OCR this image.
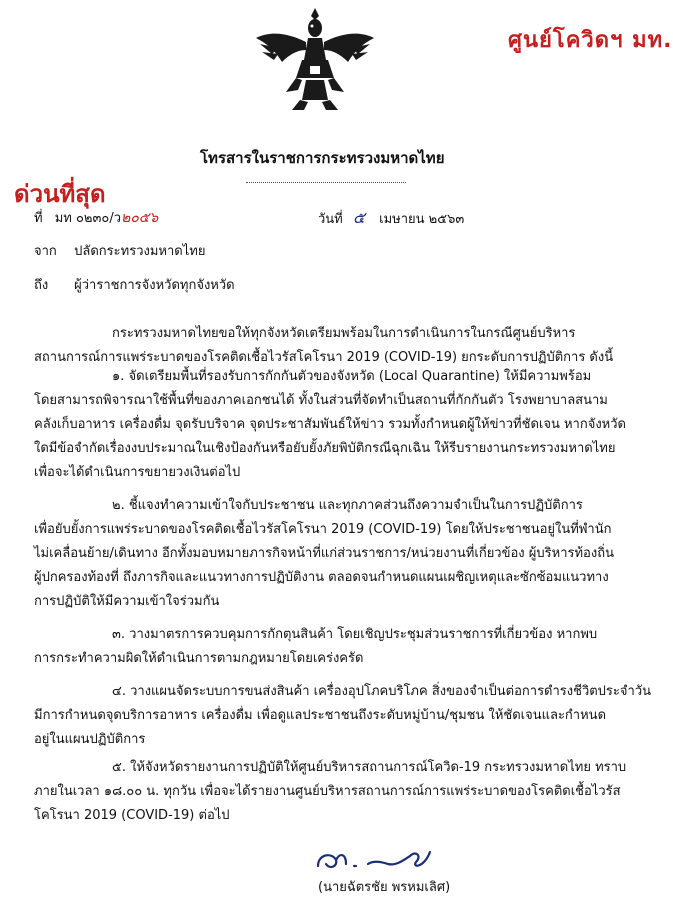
ศูนย์โควิดฯ มท.
โทรสารในราชการกระทรวงมหาดไทย
ด่วนที่สุด
ที่ มท ๐๒๓๐/ว๒๐๕๖	วันที่ ๕ เมษายน ๒๕๖๓
จาก ปลัดกระทรวงมหาดไทย
ถึง ผู้ว่าราชการจังหวัดทุกจังหวัด
กระทรวงมหาดไทยขอให้ทุกจังหวัดเตรียมพร้อมในการดำเนินการในกรณีศูนย์บริหาร
สถานการณ์การแพร่ระบาดของโรคติดเชื้อไวรัสโคโรนา 2019 (COVID-19) ยกระดับการปฏิบัติการ ดังนี้
๑. จัดเตรียมพื้นที่รองรับการกักกันตัวของจังหวัด (Local Quarantine) ให้มีความพร้อม
โดยสามารถพิจารณาใช้พื้นที่ของภาคเอกชนได้ ทั้งในส่วนที่จัดทำเป็นสถานที่กักกันตัว โรงพยาบาลสนาม
คลังเก็บอาหาร เครื่องดื่ม จุดรับบริจาค จุดประชาสัมพันธ์ให้ข่าว รวมทั้งกำหนดผู้ให้ข่าวที่ชัดเจน หากจังหวัด
ใดมีข้อจำกัดเรื่องงบประมาณในเชิงป้องกันหรือยับยั้งภัยพิบัติกรณีฉุกเฉิน ให้รีบรายงานกระทรวงมหาดไทย
เพื่อจะได้ดำเนินการขยายวงเงินต่อไป
๒. ชี้แจงทำความเข้าใจกับประชาชน และทุกภาคส่วนถึงความจำเป็นในการปฏิบัติการ
เพื่อยับยั้งการแพร่ระบาดของโรคติดเชื้อไวรัสโคโรนา 2019 (COVID-19) โดยให้ประชาชนอยู่ในที่พำนัก
ไม่เคลื่อนย้าย/เดินทาง อีกทั้งมอบหมายภารกิจหน้าที่แก่ส่วนราชการ/หน่วยงานที่เกี่ยวข้อง ผู้บริหารท้องถิ่น
ผู้ปกครองท้องที่ ถึงภารกิจและแนวทางการปฏิบัติงาน ตลอดจนกำหนดแผนเผชิญเหตุและซักซ้อมแนวทาง
การปฏิบัติให้มีความเข้าใจร่วมกัน
๓. วางมาตรการควบคุมการกักตุนสินค้า โดยเชิญประชุมส่วนราชการที่เกี่ยวข้อง หากพบ
การกระทำความผิดให้ดำเนินการตามกฎหมายโดยเคร่งครัด
๔. วางแผนจัดระบบการขนส่งสินค้า เครื่องอุปโภคบริโภค สิ่งของจำเป็นต่อการดำรงชีวิตประจำวัน
มีการกำหนดจุดบริการอาหาร เครื่องดื่ม เพื่อดูแลประชาชนถึงระดับหมู่บ้าน/ชุมชน ให้ชัดเจนและกำหนด
อยู่ในแผนปฏิบัติการ
๕. ให้จังหวัดรายงานการปฏิบัติให้ศูนย์บริหารสถานการณ์โควิด-19 กระทรวงมหาดไทย ทราบ
ภายในเวลา ๑๘.๐๐ น. ทุกวัน เพื่อจะได้รายงานศูนย์บริหารสถานการณ์การแพร่ระบาดของโรคติดเชื้อไวรัส
โคโรนา 2019 (COVID-19) ต่อไป
(นายฉัตรชัย พรหมเลิศ)
